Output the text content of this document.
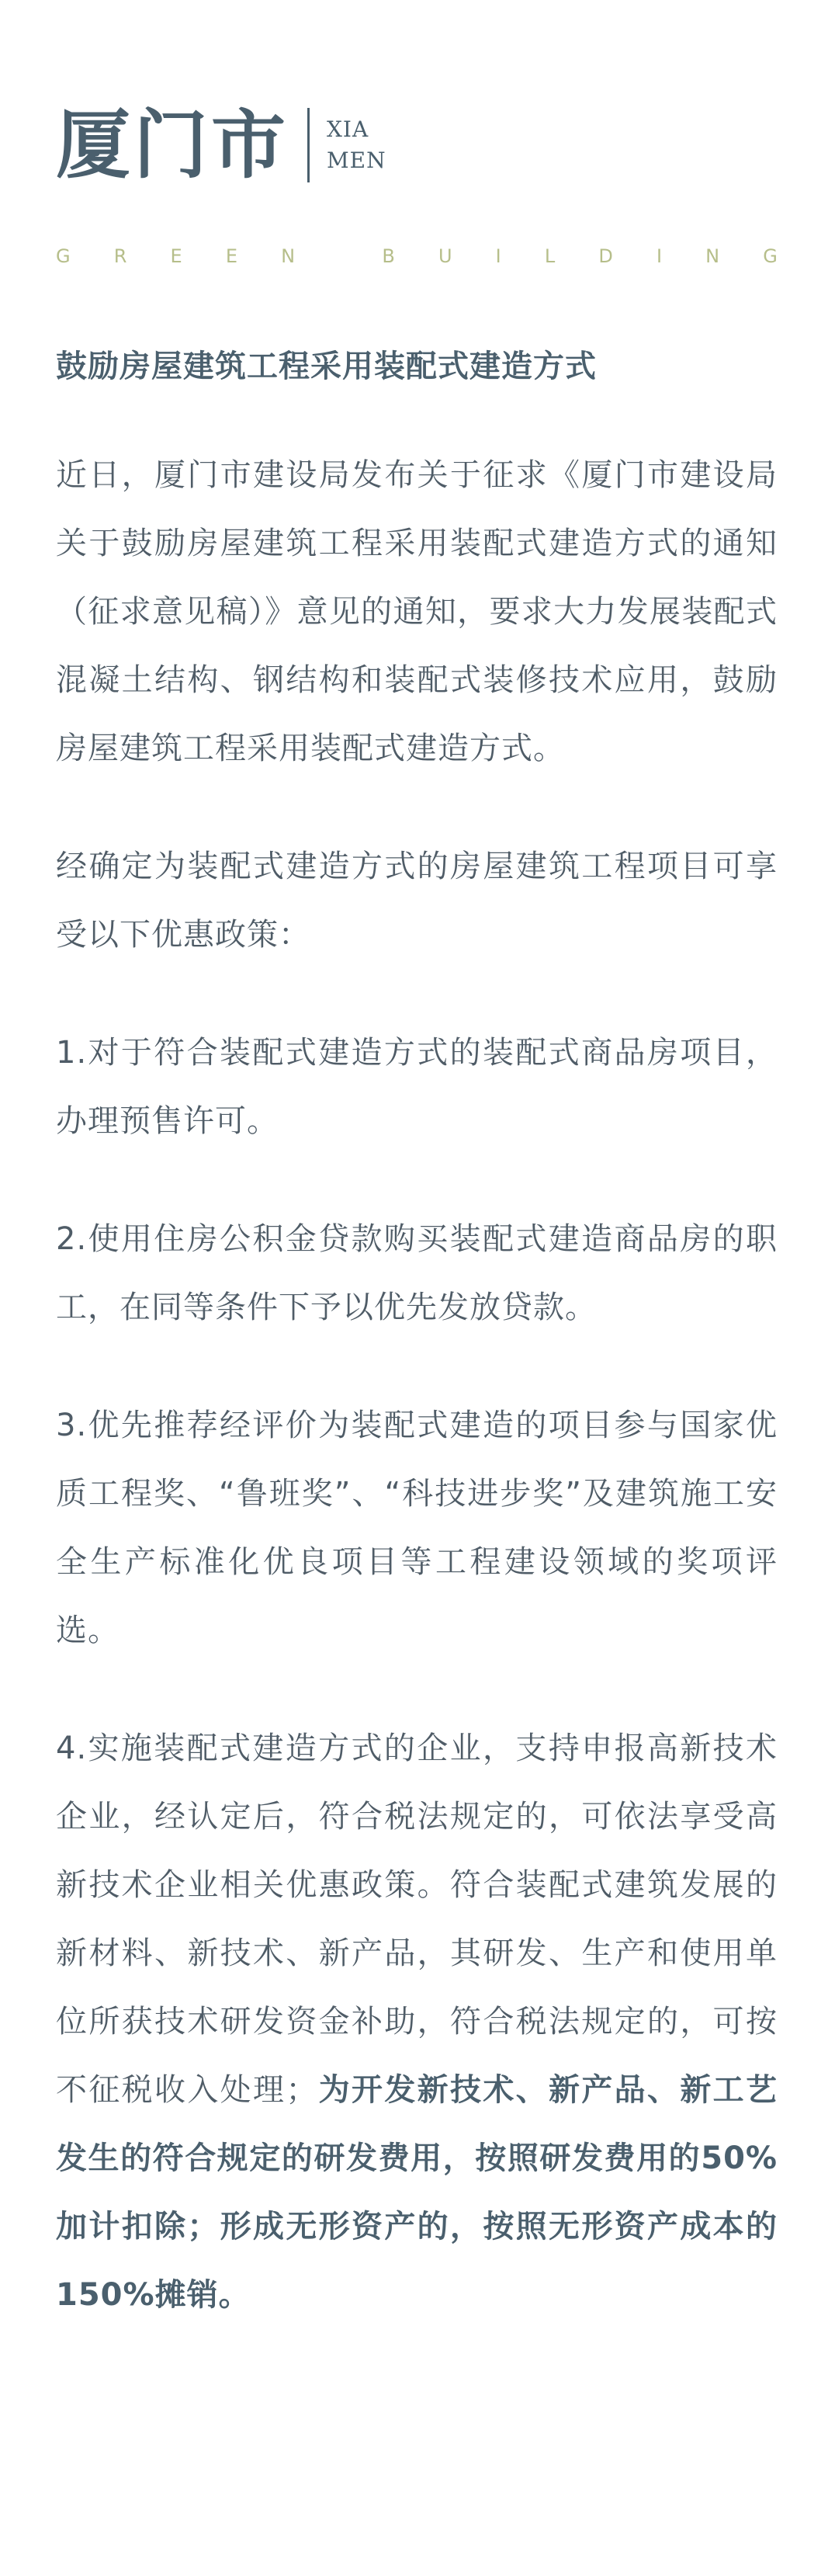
厦门市 XIA
MEN
G R E E N	B U I L D I N G
鼓励房屋建筑工程采用装配式建造方式

近日，厦门市建设局发布关于征求《厦门市建设局关于鼓励房屋建筑工程采用装配式建造方式的通知（征求意见稿）》意见的通知，要求大力发展装配式混凝土结构、钢结构和装配式装修技术应用，鼓励房屋建筑工程采用装配式建造方式。

经确定为装配式建造方式的房屋建筑工程项目可享受以下优惠政策：

1.对于符合装配式建造方式的装配式商品房项目，办理预售许可。

2.使用住房公积金贷款购买装配式建造商品房的职工，在同等条件下予以优先发放贷款。

3.优先推荐经评价为装配式建造的项目参与国家优质工程奖、“鲁班奖”、“科技进步奖”及建筑施工安全生产标准化优良项目等工程建设领域的奖项评选。

4.实施装配式建造方式的企业，支持申报高新技术企业，经认定后，符合税法规定的，可依法享受高新技术企业相关优惠政策。符合装配式建筑发展的新材料、新技术、新产品，其研发、生产和使用单位所获技术研发资金补助，符合税法规定的，可按不征税收入处理；为开发新技术、新产品、新工艺发生的符合规定的研发费用，按照研发费用的50%加计扣除；形成无形资产的，按照无形资产成本的150%摊销。
